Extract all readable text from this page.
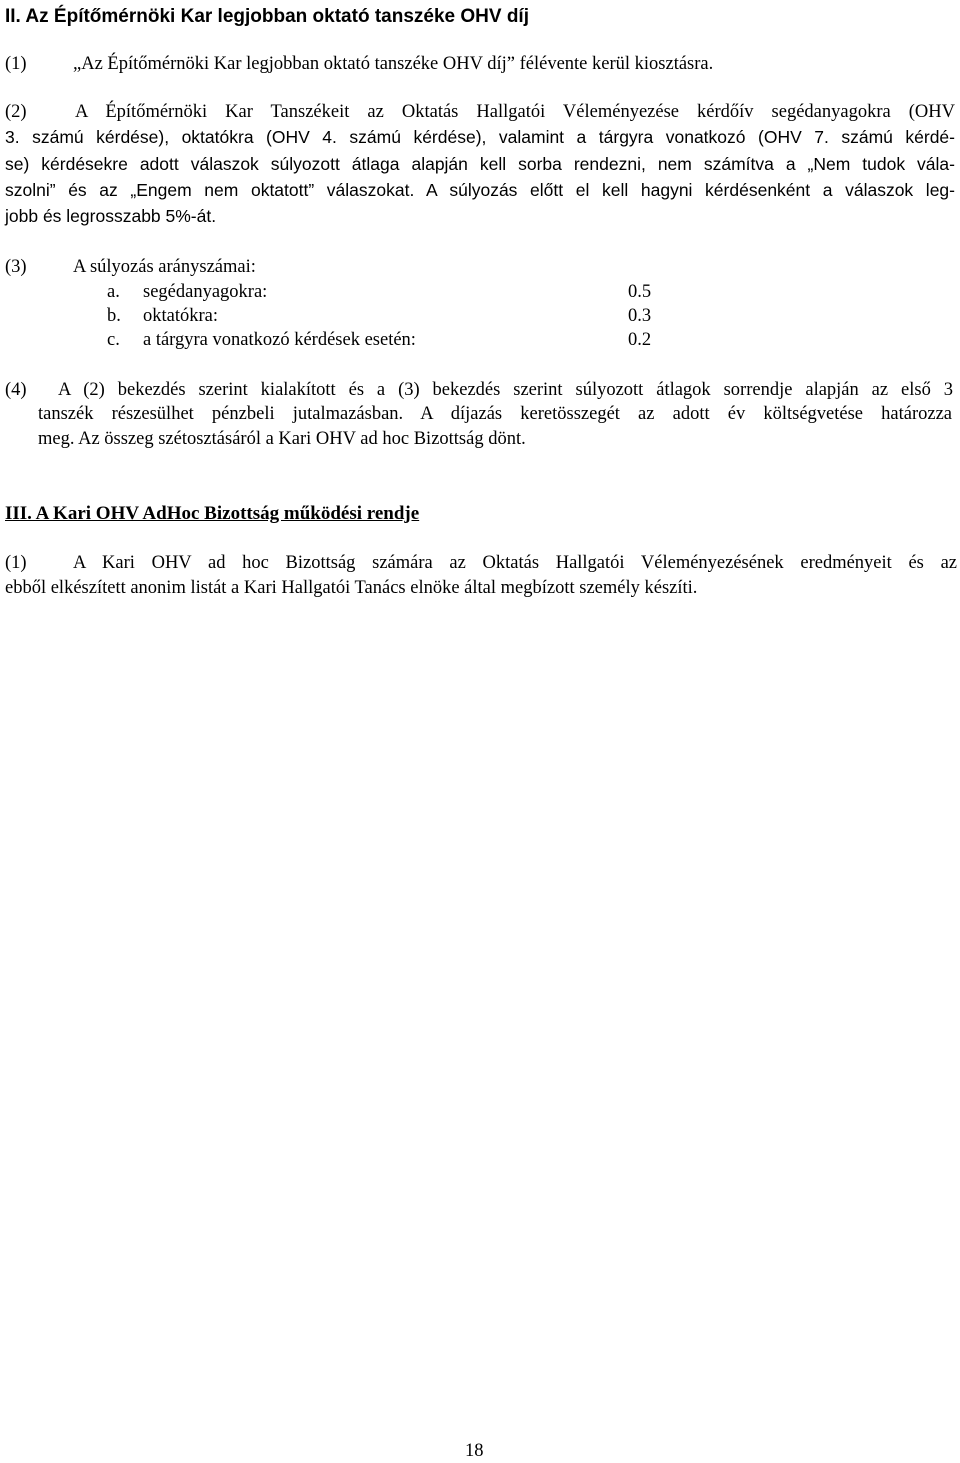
II. Az Építőmérnöki Kar legjobban oktató tanszéke OHV díj
(1)	„Az Építőmérnöki Kar legjobban oktató tanszéke OHV díj” félévente kerül kiosztásra.
(2)	A Építőmérnöki Kar Tanszékeit az Oktatás Hallgatói Véleményezése kérdőív segédanyagokra (OHV
3. számú kérdése), oktatókra (OHV 4. számú kérdése), valamint a tárgyra vonatkozó (OHV 7. számú kérdé-
se) kérdésekre adott válaszok súlyozott átlaga alapján kell sorba rendezni, nem számítva a „Nem tudok vála-
szolni” és az „Engem nem oktatott” válaszokat. A súlyozás előtt el kell hagyni kérdésenként a válaszok leg-
jobb és legrosszabb 5%-át.
(3)	A súlyozás arányszámai:
a. segédanyagokra:	0.5
b. oktatókra:	0.3
c. a tárgyra vonatkozó kérdések esetén:	0.2
(4) A (2) bekezdés szerint kialakított és a (3) bekezdés szerint súlyozott átlagok sorrendje alapján az első 3
tanszék részesülhet pénzbeli jutalmazásban. A díjazás keretösszegét az adott év költségvetése határozza
meg. Az összeg szétosztásáról a Kari OHV ad hoc Bizottság dönt.
III. A Kari OHV AdHoc Bizottság működési rendje
(1)	A Kari OHV ad hoc Bizottság számára az Oktatás Hallgatói Véleményezésének eredményeit és az
ebből elkészített anonim listát a Kari Hallgatói Tanács elnöke által megbízott személy készíti.
18
